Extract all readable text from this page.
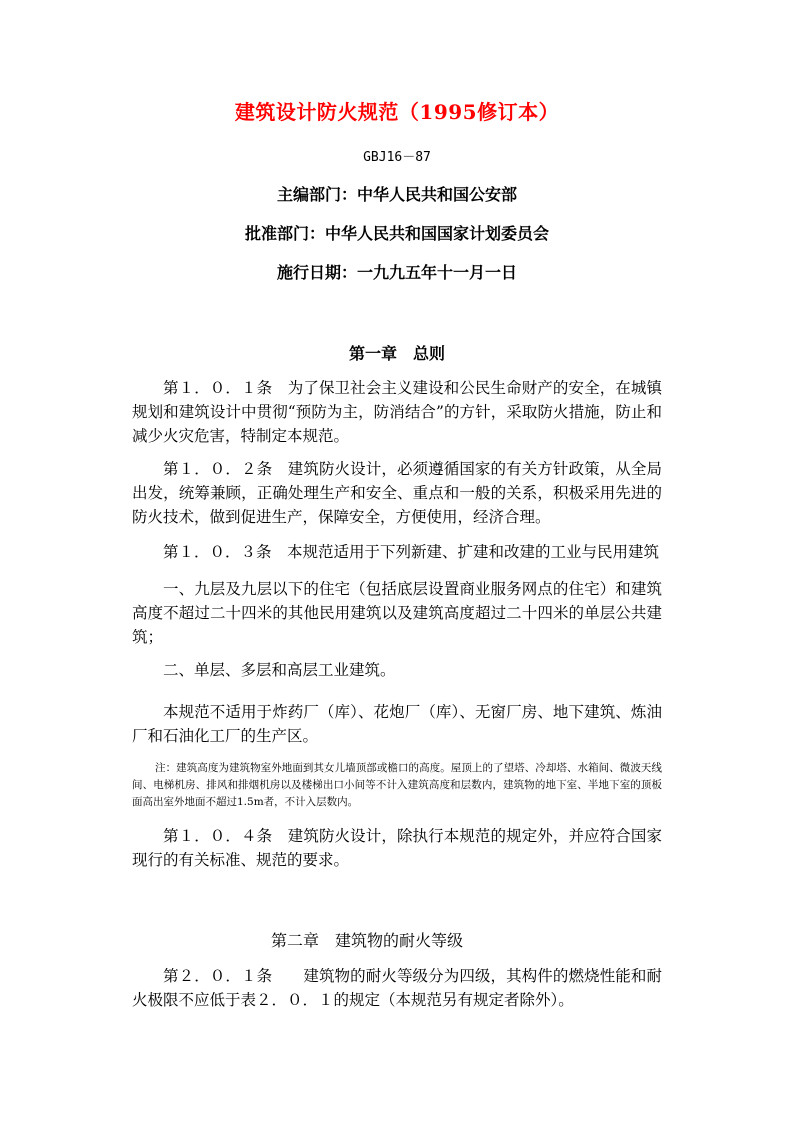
建筑设计防火规范（1995修订本）
GBJ16－87
主编部门：中华人民共和国公安部
批准部门：中华人民共和国国家计划委员会
施行日期：一九九五年十一月一日
第一章　总则
第１．０．１条　为了保卫社会主义建设和公民生命财产的安全，在城镇规划和建筑设计中贯彻“预防为主，防消结合”的方针，采取防火措施，防止和减少火灾危害，特制定本规范。
第１．０．２条　建筑防火设计，必须遵循国家的有关方针政策，从全局出发，统筹兼顾，正确处理生产和安全、重点和一般的关系，积极采用先进的防火技术，做到促进生产，保障安全，方便使用，经济合理。
第１．０．３条　本规范适用于下列新建、扩建和改建的工业与民用建筑
一、九层及九层以下的住宅（包括底层设置商业服务网点的住宅）和建筑高度不超过二十四米的其他民用建筑以及建筑高度超过二十四米的单层公共建筑；
二、单层、多层和高层工业建筑。
本规范不适用于炸药厂（库）、花炮厂（库）、无窗厂房、地下建筑、炼油厂和石油化工厂的生产区。
注：建筑高度为建筑物室外地面到其女儿墙顶部或檐口的高度。屋顶上的了望塔、冷却塔、水箱间、微波天线间、电梯机房、排风和排烟机房以及楼梯出口小间等不计入建筑高度和层数内，建筑物的地下室、半地下室的顶板面高出室外地面不超过1.5m者，不计入层数内。
第１．０．４条　建筑防火设计，除执行本规范的规定外，并应符合国家现行的有关标准、规范的要求。
第二章　建筑物的耐火等级
第２．０．１条　　建筑物的耐火等级分为四级，其构件的燃烧性能和耐火极限不应低于表２．０．１的规定（本规范另有规定者除外）。
